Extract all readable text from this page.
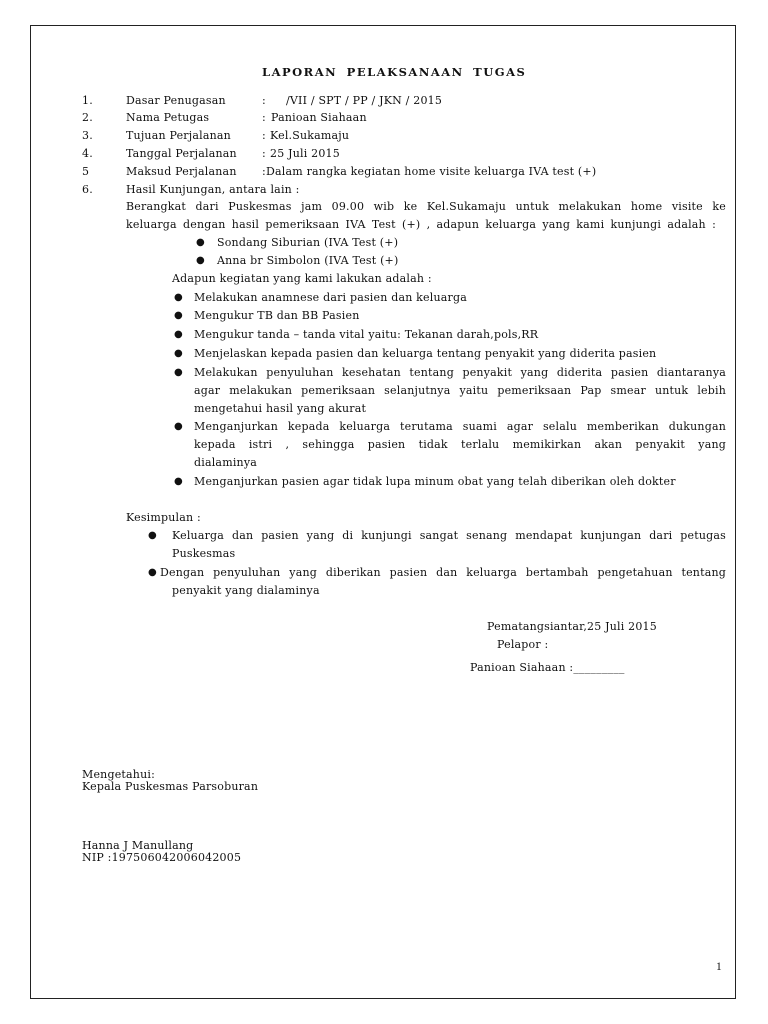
LAPORAN PELAKSANAAN TUGAS
1.	Dasar Penugasan	: /VII / SPT / PP / JKN / 2015
2.	Nama Petugas	: Panioan Siahaan
3.	Tujuan Perjalanan	: Kel.Sukamaju
4.	Tanggal Perjalanan : 25 Juli 2015
5	Maksud Perjalanan : Dalam rangka kegiatan home visite keluarga IVA test (+)
6.	Hasil Kunjungan, antara lain :
Berangkat dari Puskesmas jam 09.00 wib ke Kel.Sukamaju untuk melakukan home visite ke
keluarga dengan hasil pemeriksaan IVA Test (+) , adapun keluarga yang kami kunjungi adalah :
● Sondang Siburian (IVA Test (+)
● Anna br Simbolon (IVA Test (+)
Adapun kegiatan yang kami lakukan adalah :
● Melakukan anamnese dari pasien dan keluarga
● Mengukur TB dan BB Pasien
● Mengukur tanda – tanda vital yaitu: Tekanan darah,pols,RR
● Menjelaskan kepada pasien dan keluarga tentang penyakit yang diderita pasien
● Melakukan penyuluhan kesehatan tentang penyakit yang diderita pasien diantaranya
agar melakukan pemeriksaan selanjutnya yaitu pemeriksaan Pap smear untuk lebih
mengetahui hasil yang akurat
● Menganjurkan kepada keluarga terutama suami agar selalu memberikan dukungan
kepada istri , sehingga pasien tidak terlalu memikirkan akan penyakit yang
dialaminya
● Menganjurkan pasien agar tidak lupa minum obat yang telah diberikan oleh dokter
Kesimpulan :
● Keluarga dan pasien yang di kunjungi sangat senang mendapat kunjungan dari petugas
Puskesmas
● Dengan penyuluhan yang diberikan pasien dan keluarga bertambah pengetahuan tentang
penyakit yang dialaminya
Pematangsiantar,25 Juli 2015
Pelapor :
Panioan Siahaan :_________
Mengetahui:
Kepala Puskesmas Parsoburan
Hanna J Manullang
NIP :197506042006042005
1
